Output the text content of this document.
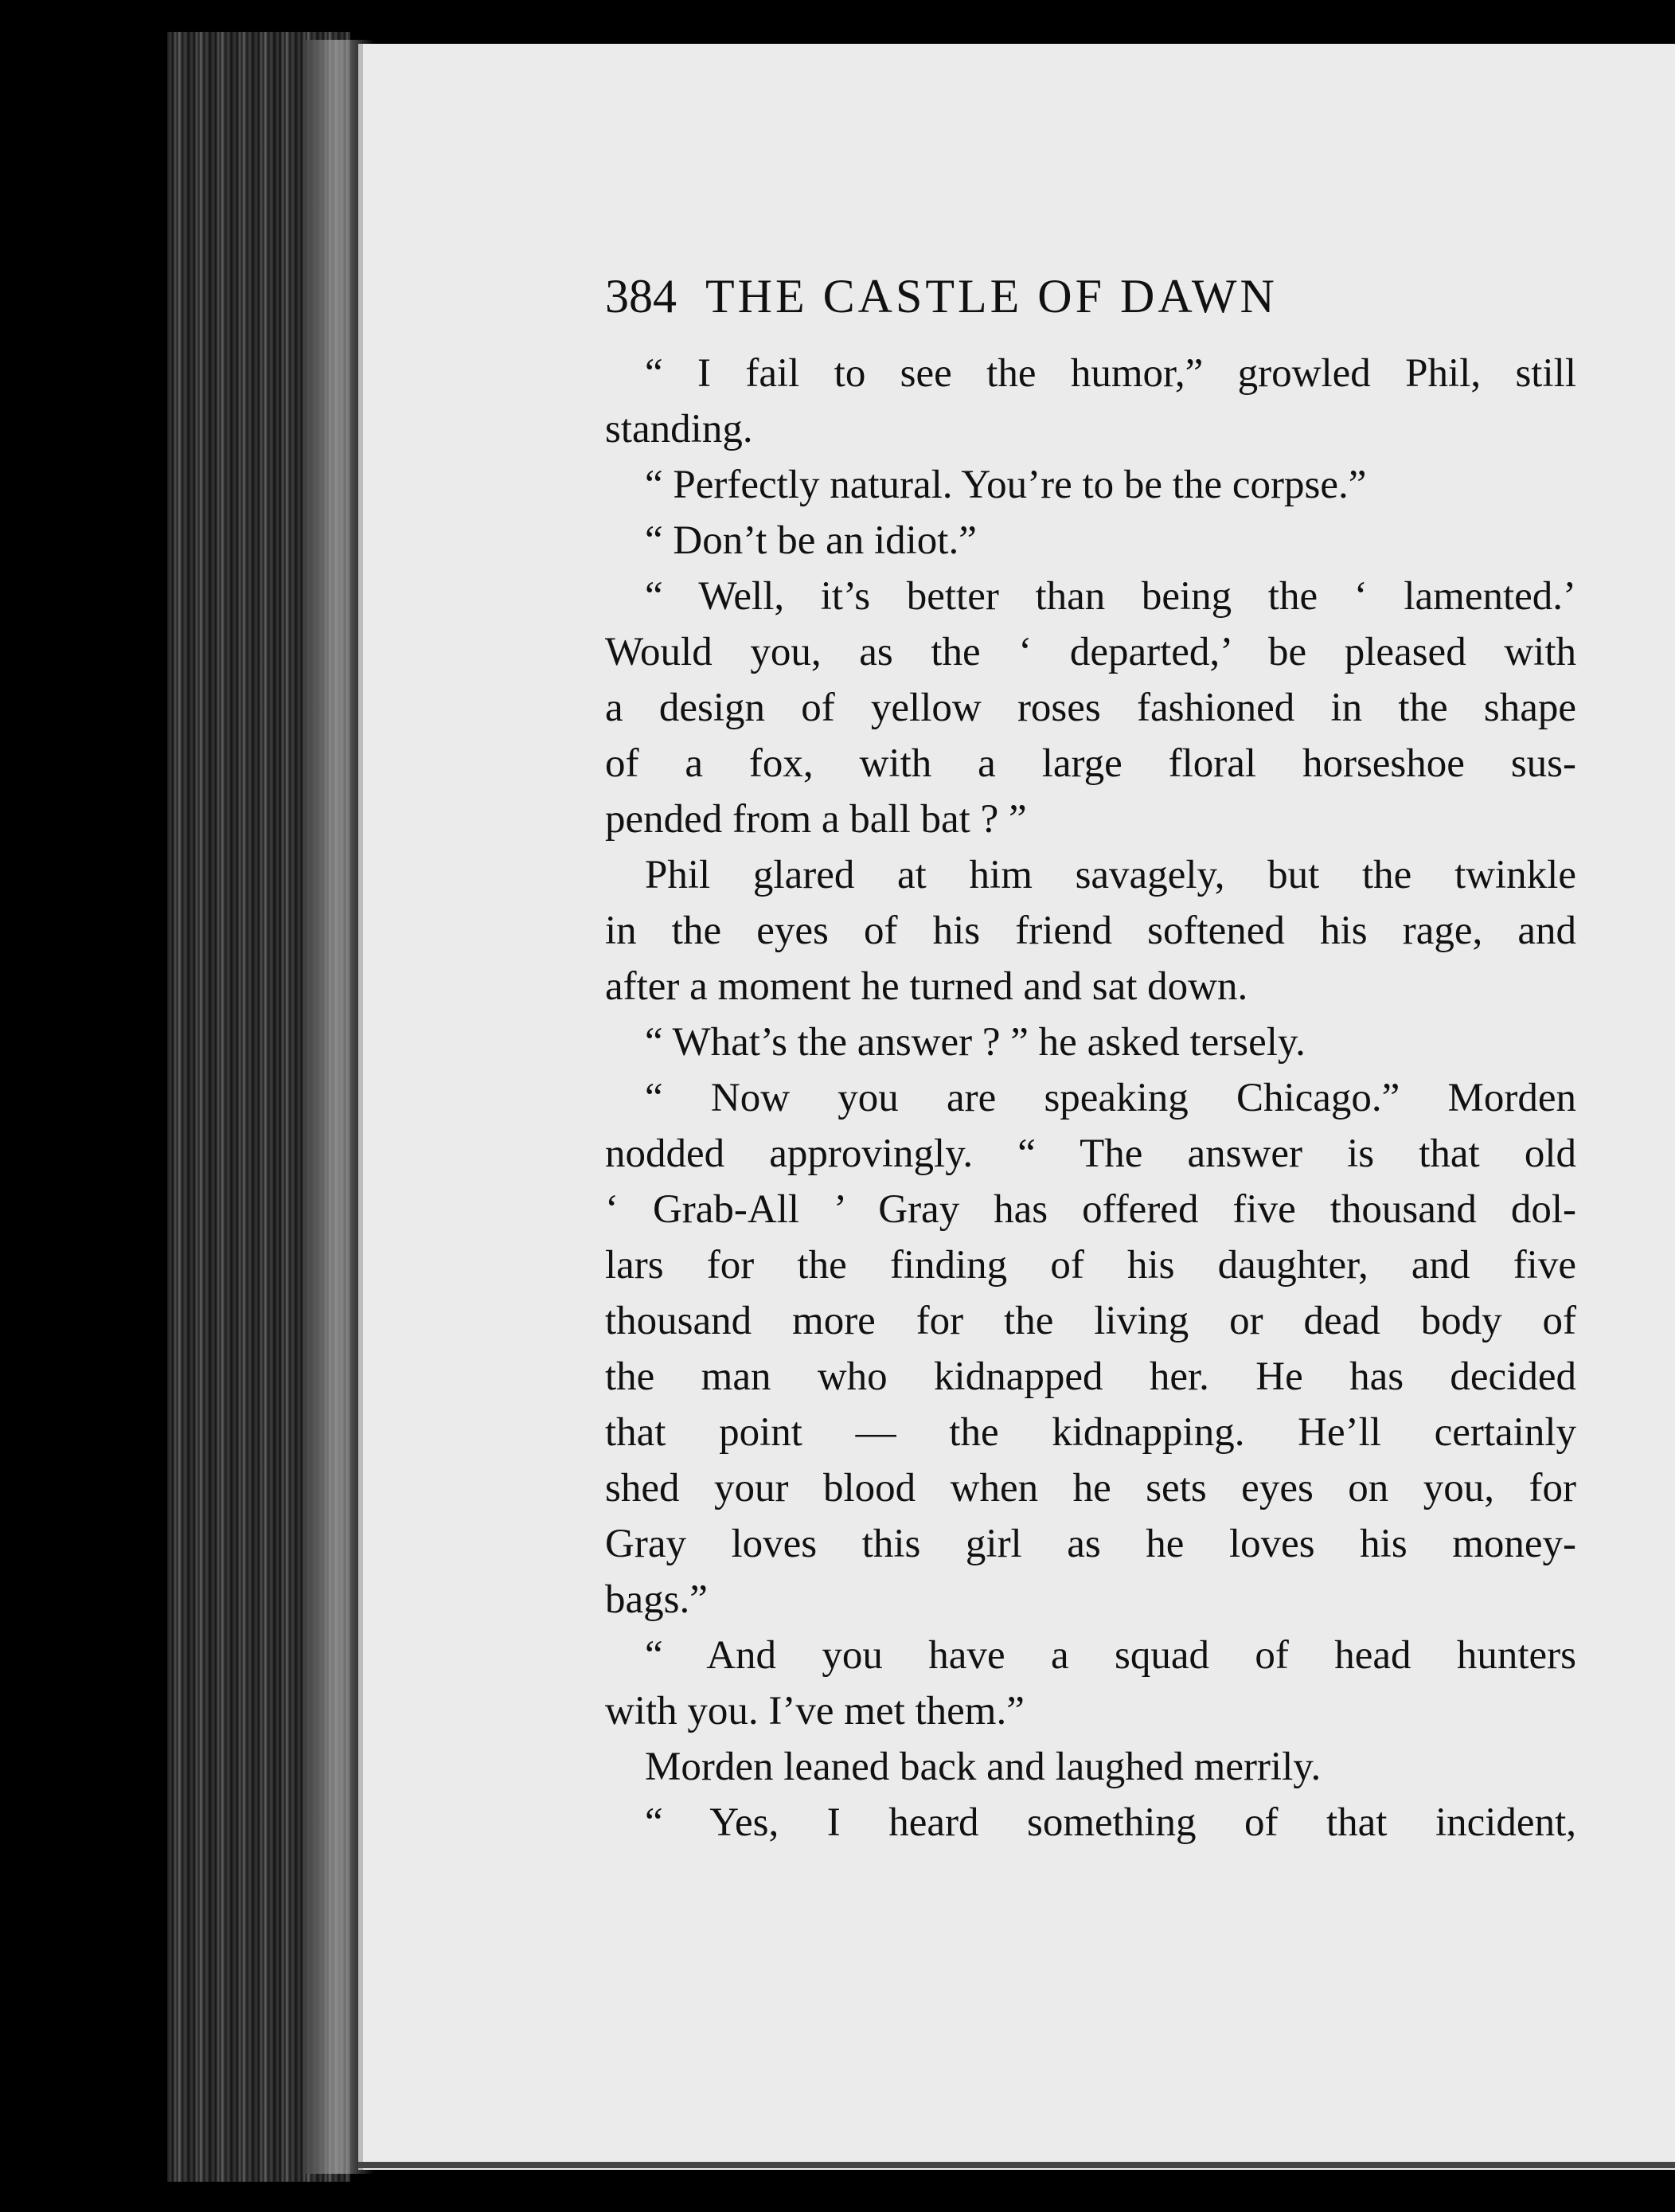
384 THE CASTLE OF DAWN
“ I fail to see the humor,” growled Phil, still
standing.
“ Perfectly natural. You’re to be the corpse.”
“ Don’t be an idiot.”
“ Well, it’s better than being the ‘ lamented.’
Would you, as the ‘ departed,’ be pleased with
a design of yellow roses fashioned in the shape
of a fox, with a large floral horseshoe sus-
pended from a ball bat ? ”
Phil glared at him savagely, but the twinkle
in the eyes of his friend softened his rage, and
after a moment he turned and sat down.
“ What’s the answer ? ” he asked tersely.
“ Now you are speaking Chicago.” Morden
nodded approvingly. “ The answer is that old
‘ Grab-All ’ Gray has offered five thousand dol-
lars for the finding of his daughter, and five
thousand more for the living or dead body of
the man who kidnapped her. He has decided
that point — the kidnapping. He’ll certainly
shed your blood when he sets eyes on you, for
Gray loves this girl as he loves his money-
bags.”
“ And you have a squad of head hunters
with you. I’ve met them.”
Morden leaned back and laughed merrily.
“ Yes, I heard something of that incident,
